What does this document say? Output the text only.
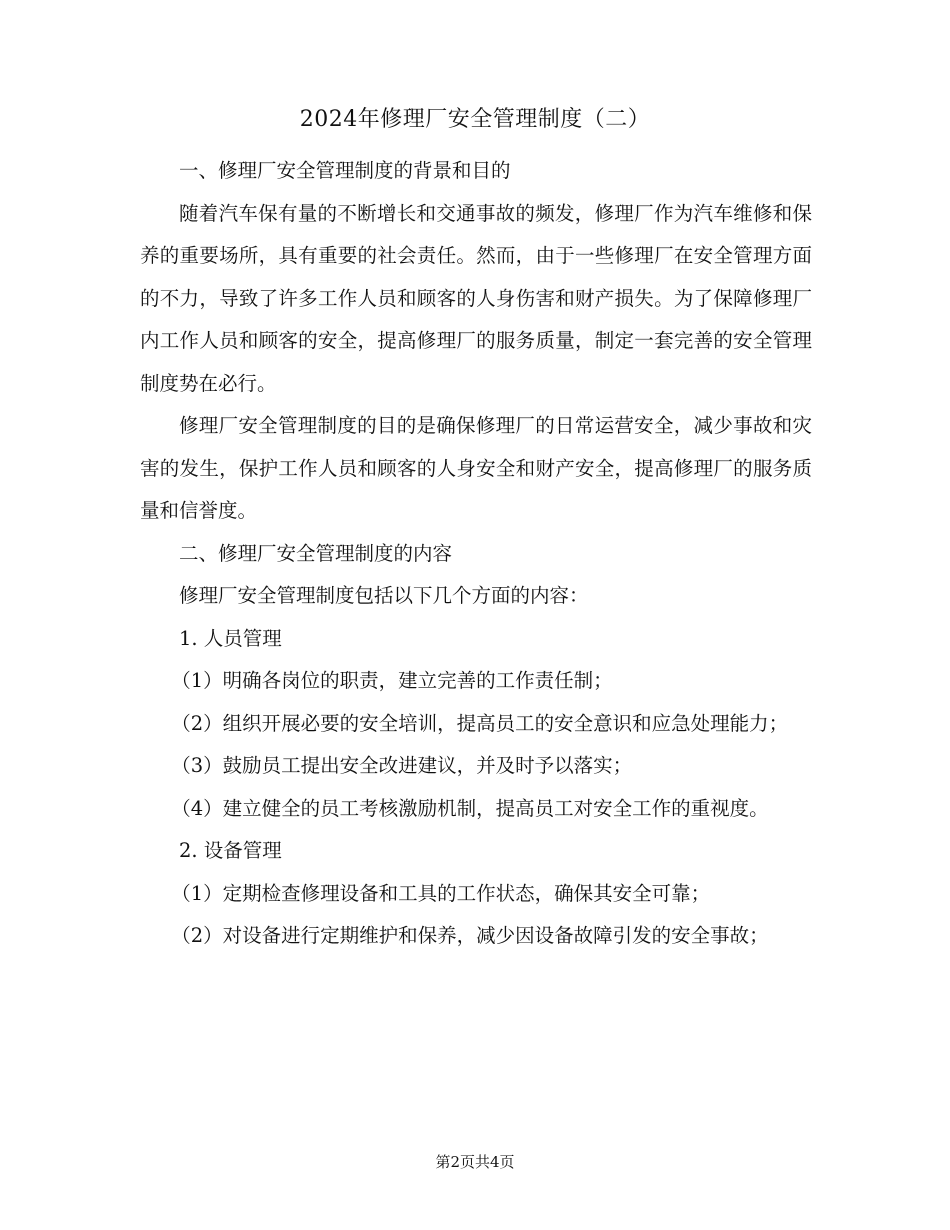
2024年修理厂安全管理制度（二）

一、修理厂安全管理制度的背景和目的

随着汽车保有量的不断增长和交通事故的频发，修理厂作为汽车维修和保养的重要场所，具有重要的社会责任。然而，由于一些修理厂在安全管理方面的不力，导致了许多工作人员和顾客的人身伤害和财产损失。为了保障修理厂内工作人员和顾客的安全，提高修理厂的服务质量，制定一套完善的安全管理制度势在必行。

修理厂安全管理制度的目的是确保修理厂的日常运营安全，减少事故和灾害的发生，保护工作人员和顾客的人身安全和财产安全，提高修理厂的服务质量和信誉度。

二、修理厂安全管理制度的内容

修理厂安全管理制度包括以下几个方面的内容：

1. 人员管理

（1）明确各岗位的职责，建立完善的工作责任制；

（2）组织开展必要的安全培训，提高员工的安全意识和应急处理能力；

（3）鼓励员工提出安全改进建议，并及时予以落实；

（4）建立健全的员工考核激励机制，提高员工对安全工作的重视度。

2. 设备管理

（1）定期检查修理设备和工具的工作状态，确保其安全可靠；

（2）对设备进行定期维护和保养，减少因设备故障引发的安全事故；

第2页共4页
